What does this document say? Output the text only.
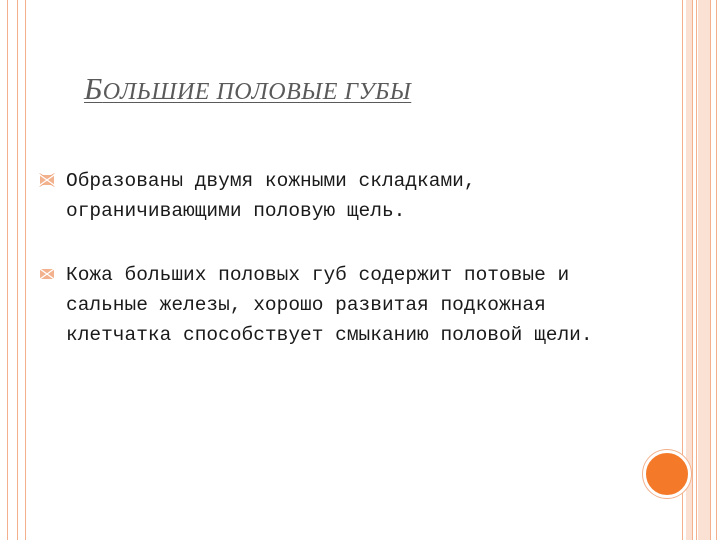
БОЛЬШИЕ ПОЛОВЫЕ ГУБЫ
Образованы двумя кожными складками, ограничивающими половую щель.
Кожа больших половых губ содержит потовые и сальные железы, хорошо развитая подкожная клетчатка способствует смыканию половой щели.
